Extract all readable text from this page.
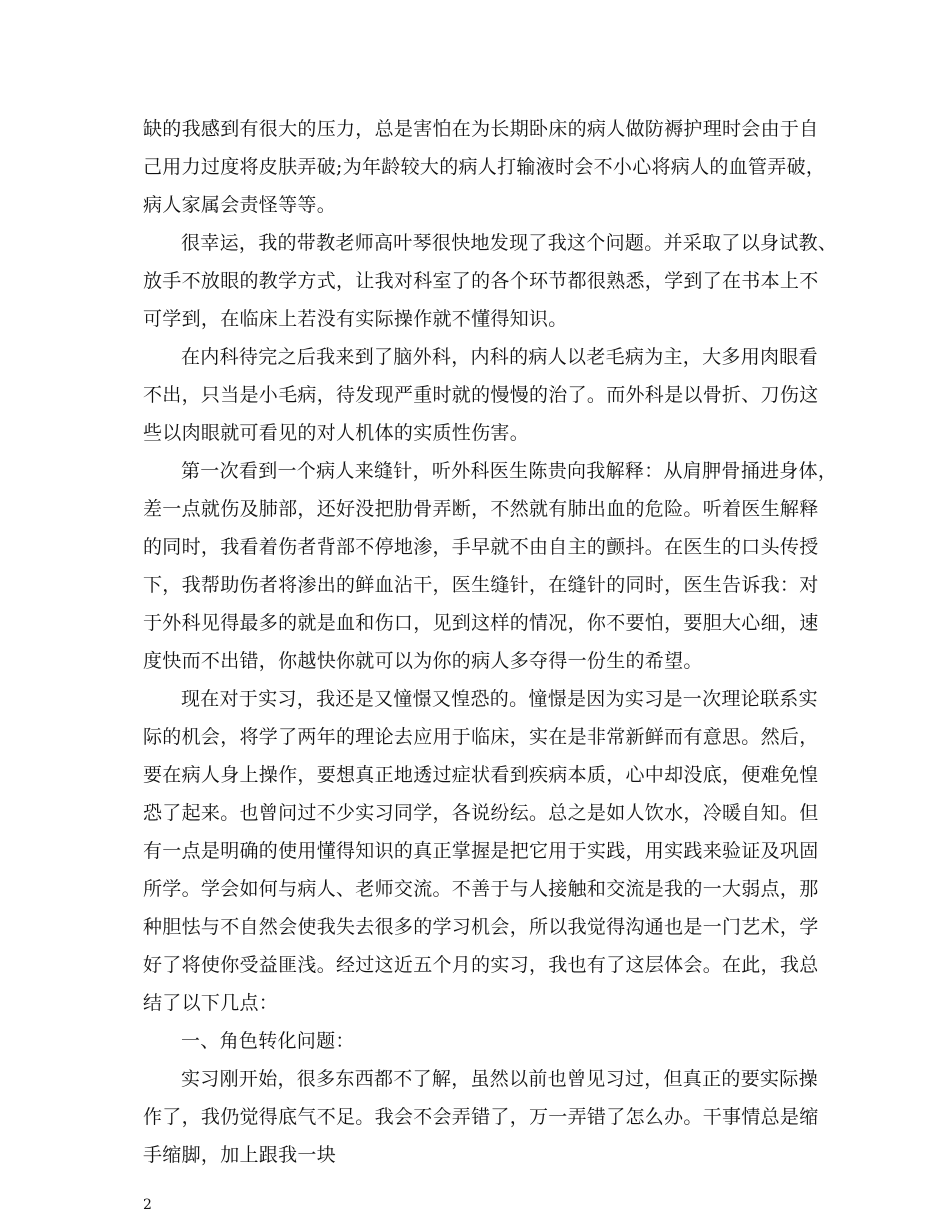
缺的我感到有很大的压力，总是害怕在为长期卧床的病人做防褥护理时会由于自
己用力过度将皮肤弄破;为年龄较大的病人打输液时会不小心将病人的血管弄破，
病人家属会责怪等等。
很幸运，我的带教老师高叶琴很快地发现了我这个问题。并采取了以身试教、
放手不放眼的教学方式，让我对科室了的各个环节都很熟悉，学到了在书本上不
可学到，在临床上若没有实际操作就不懂得知识。
在内科待完之后我来到了脑外科，内科的病人以老毛病为主，大多用肉眼看
不出，只当是小毛病，待发现严重时就的慢慢的治了。而外科是以骨折、刀伤这
些以肉眼就可看见的对人机体的实质性伤害。
第一次看到一个病人来缝针，听外科医生陈贵向我解释：从肩胛骨捅进身体，
差一点就伤及肺部，还好没把肋骨弄断，不然就有肺出血的危险。听着医生解释
的同时，我看着伤者背部不停地渗，手早就不由自主的颤抖。在医生的口头传授
下，我帮助伤者将渗出的鲜血沾干，医生缝针，在缝针的同时，医生告诉我：对
于外科见得最多的就是血和伤口，见到这样的情况，你不要怕，要胆大心细，速
度快而不出错，你越快你就可以为你的病人多夺得一份生的希望。
现在对于实习，我还是又憧憬又惶恐的。憧憬是因为实习是一次理论联系实
际的机会，将学了两年的理论去应用于临床，实在是非常新鲜而有意思。然后，
要在病人身上操作，要想真正地透过症状看到疾病本质，心中却没底，便难免惶
恐了起来。也曾问过不少实习同学，各说纷纭。总之是如人饮水，冷暖自知。但
有一点是明确的使用懂得知识的真正掌握是把它用于实践，用实践来验证及巩固
所学。学会如何与病人、老师交流。不善于与人接触和交流是我的一大弱点，那
种胆怯与不自然会使我失去很多的学习机会，所以我觉得沟通也是一门艺术，学
好了将使你受益匪浅。经过这近五个月的实习，我也有了这层体会。在此，我总
结了以下几点：
一、角色转化问题：
实习刚开始，很多东西都不了解，虽然以前也曾见习过，但真正的要实际操
作了，我仍觉得底气不足。我会不会弄错了，万一弄错了怎么办。干事情总是缩
手缩脚，加上跟我一块
2
